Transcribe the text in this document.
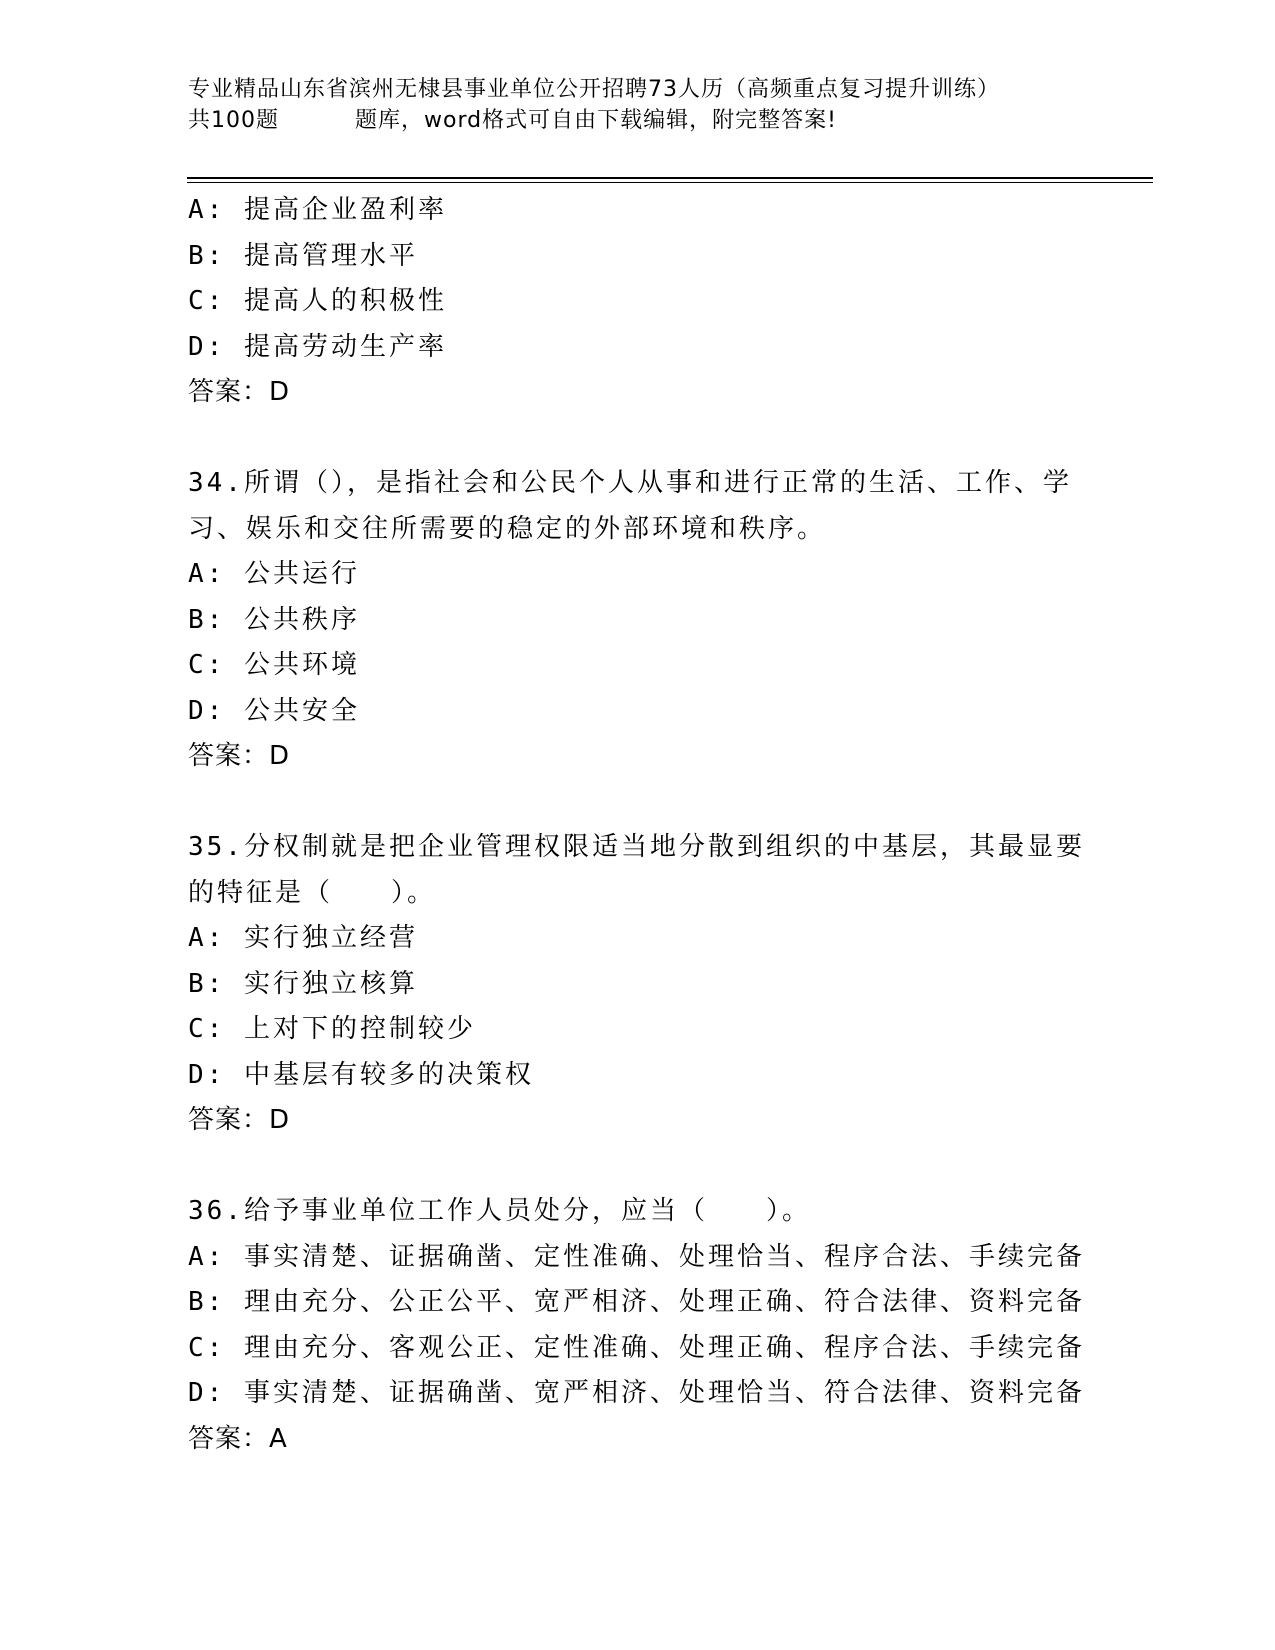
专业精品山东省滨州无棣县事业单位公开招聘73人历（高频重点复习提升训练）
共100题	题库，word格式可自由下载编辑，附完整答案!
A: 提高企业盈利率
B: 提高管理水平
C: 提高人的积极性
D: 提高劳动生产率
答案：D
34.所谓（），是指社会和公民个人从事和进行正常的生活、工作、学
习、娱乐和交往所需要的稳定的外部环境和秩序。
A: 公共运行
B: 公共秩序
C: 公共环境
D: 公共安全
答案：D
35.分权制就是把企业管理权限适当地分散到组织的中基层，其最显要
的特征是（　　）。
A: 实行独立经营
B: 实行独立核算
C: 上对下的控制较少
D: 中基层有较多的决策权
答案：D
36.给予事业单位工作人员处分，应当（　　）。
A: 事实清楚、证据确凿、定性准确、处理恰当、程序合法、手续完备
B: 理由充分、公正公平、宽严相济、处理正确、符合法律、资料完备
C: 理由充分、客观公正、定性准确、处理正确、程序合法、手续完备
D: 事实清楚、证据确凿、宽严相济、处理恰当、符合法律、资料完备
答案：A
